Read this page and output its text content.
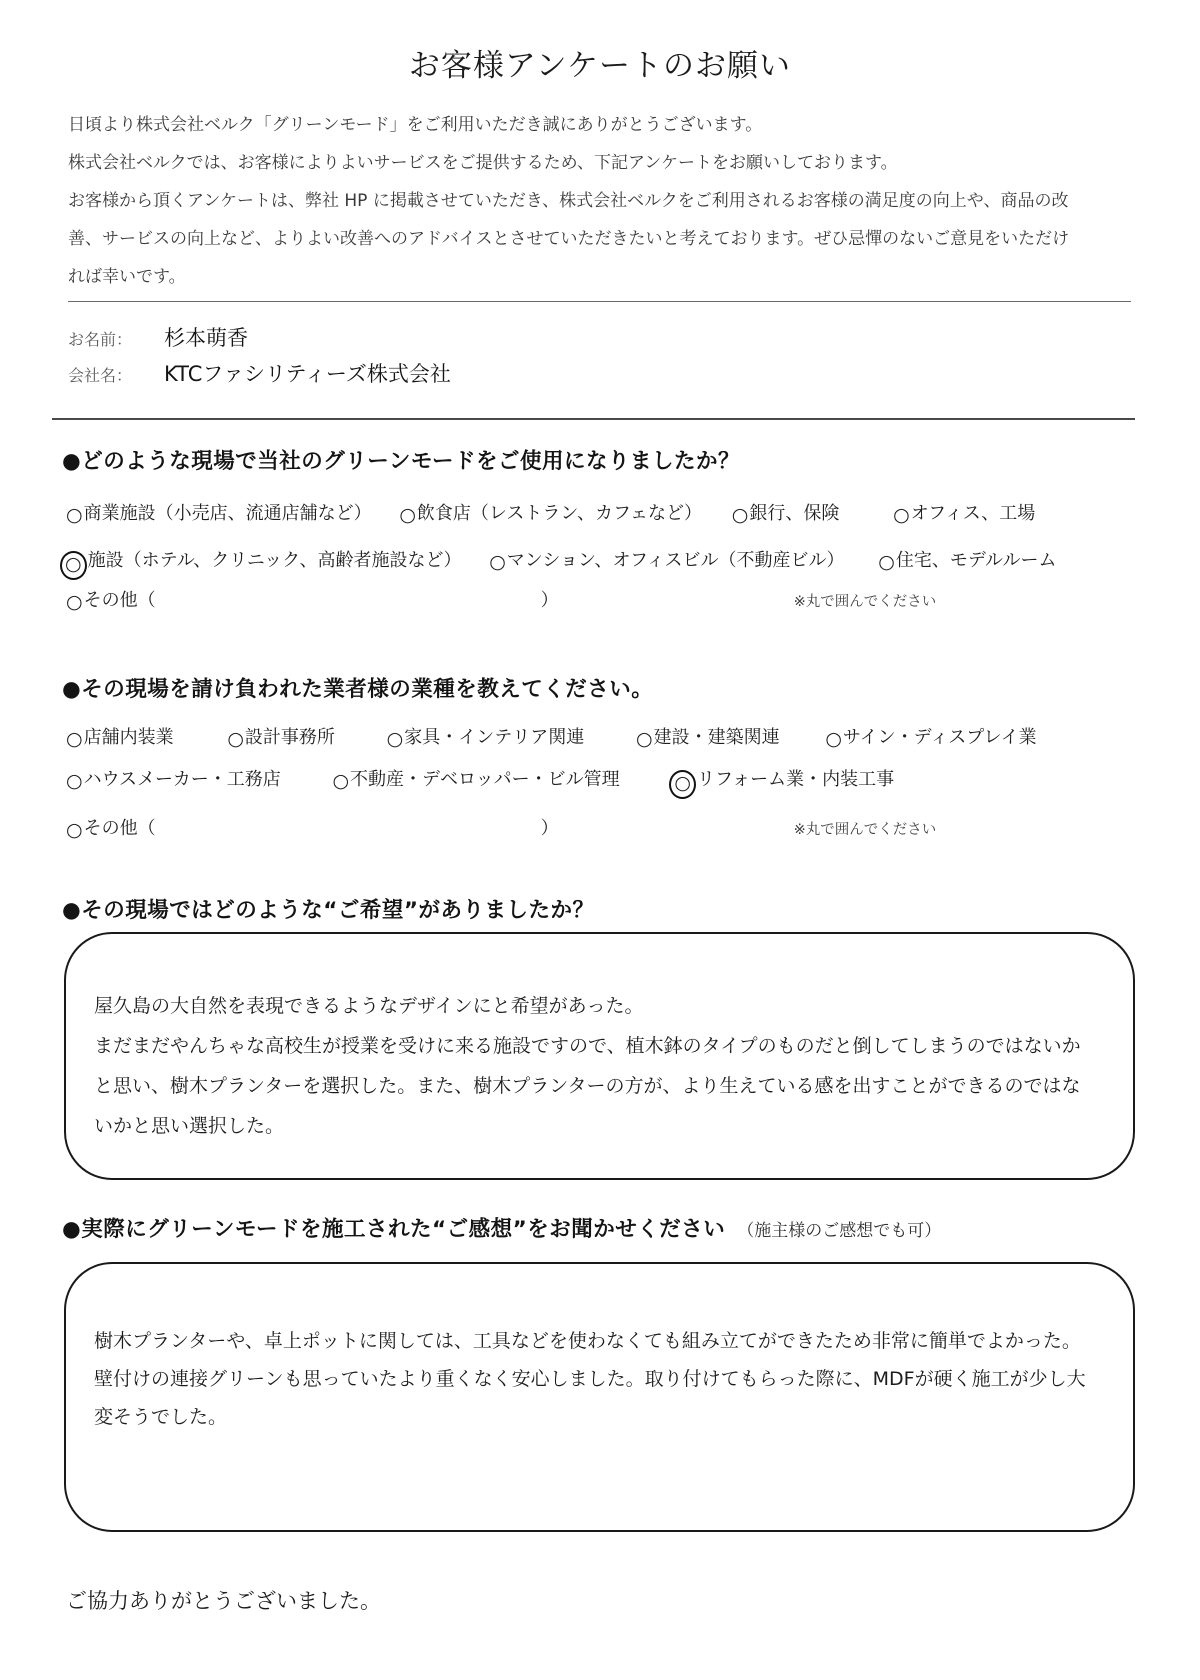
お客様アンケートのお願い

日頃より株式会社ベルク「グリーンモード」をご利用いただき誠にありがとうございます。

株式会社ベルクでは、お客様によりよいサービスをご提供するため、下記アンケートをお願いしております。

お客様から頂くアンケートは、弊社 HP に掲載させていただき、株式会社ベルクをご利用されるお客様の満足度の向上や、商品の改善、サービスの向上など、よりよい改善へのアドバイスとさせていただきたいと考えております。ぜひ忌憚のないご意見をいただければ幸いです。

お名前：	杉本萌香
会社名：	KTCファシリティーズ株式会社
●どのような現場で当社のグリーンモードをご使用になりましたか？
○商業施設（小売店、流通店舗など） ○飲食店（レストラン、カフェなど） ○銀行、保険	○オフィス、工場
○ 施設（ホテル、クリニック、高齢者施設など） ○マンション、オフィスビル（不動産ビル） ○住宅、モデルルーム
○その他（	）	※丸で囲んでください
●その現場を請け負われた業者様の業種を教えてください。
○店舗内装業	○設計事務所	○家具・インテリア関連	○建設・建築関連 ○サイン・ディスプレイ業
○ハウスメーカー・工務店	○不動産・デベロッパー・ビル管理	○ リフォーム業・内装工事
○その他（	）	※丸で囲んでください
●その現場ではどのような“ご希望”がありましたか？

屋久島の大自然を表現できるようなデザインにと希望があった。

まだまだやんちゃな高校生が授業を受けに来る施設ですので、植木鉢のタイプのものだと倒してしまうのではないかと思い、樹木プランターを選択した。また、樹木プランターの方が、より生えている感を出すことができるのではないかと思い選択した。

●実際にグリーンモードを施工された“ご感想”をお聞かせください （施主様のご感想でも可）

樹木プランターや、卓上ポットに関しては、工具などを使わなくても組み立てができたため非常に簡単でよかった。

壁付けの連接グリーンも思っていたより重くなく安心しました。取り付けてもらった際に、MDFが硬く施工が少し大変そうでした。

ご協力ありがとうございました。
